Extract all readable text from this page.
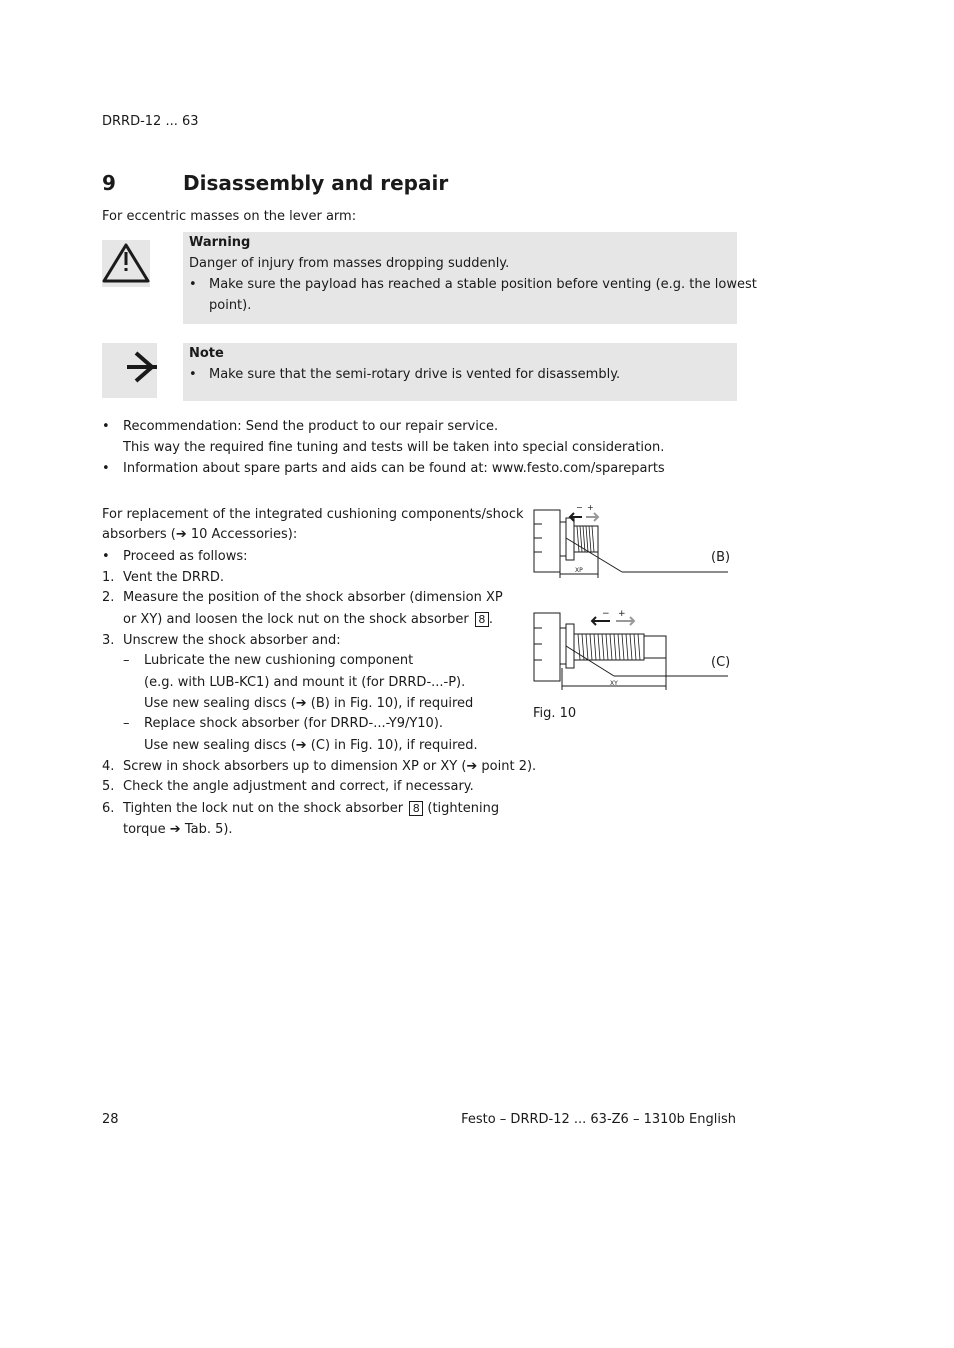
DRRD-12 ... 63
9	Disassembly and repair
For eccentric masses on the lever arm:
Warning
Danger of injury from masses dropping suddenly.
• Make sure the payload has reached a stable position before venting (e.g. the lowest
point).
Note
• Make sure that the semi-rotary drive is vented for disassembly.
• Recommendation: Send the product to our repair service.
This way the required fine tuning and tests will be taken into special consideration.
• Information about spare parts and aids can be found at: www.festo.com/spareparts
For replacement of the integrated cushioning components/shock
absorbers (➔ 10 Accessories):
• Proceed as follows:
1. Vent the DRRD.
2. Measure the position of the shock absorber (dimension XP
or XY) and loosen the lock nut on the shock absorber 8 .
3. Unscrew the shock absorber and:
– Lubricate the new cushioning component
(e.g. with LUB-KC1) and mount it (for DRRD-...-P).
Use new sealing discs (➔ (B) in Fig. 10), if required
– Replace shock absorber (for DRRD-...-Y9/Y10).
Use new sealing discs (➔ (C) in Fig. 10), if required.
4. Screw in shock absorbers up to dimension XP or XY (➔ point 2).
5. Check the angle adjustment and correct, if necessary.
6. Tighten the lock nut on the shock absorber 8 (tightening
torque ➔ Tab. 5).
− +
XP
− +
XY
(B)
(C)
Fig. 10
28	Festo – DRRD-12 ... 63-Z6 – 1310b English
